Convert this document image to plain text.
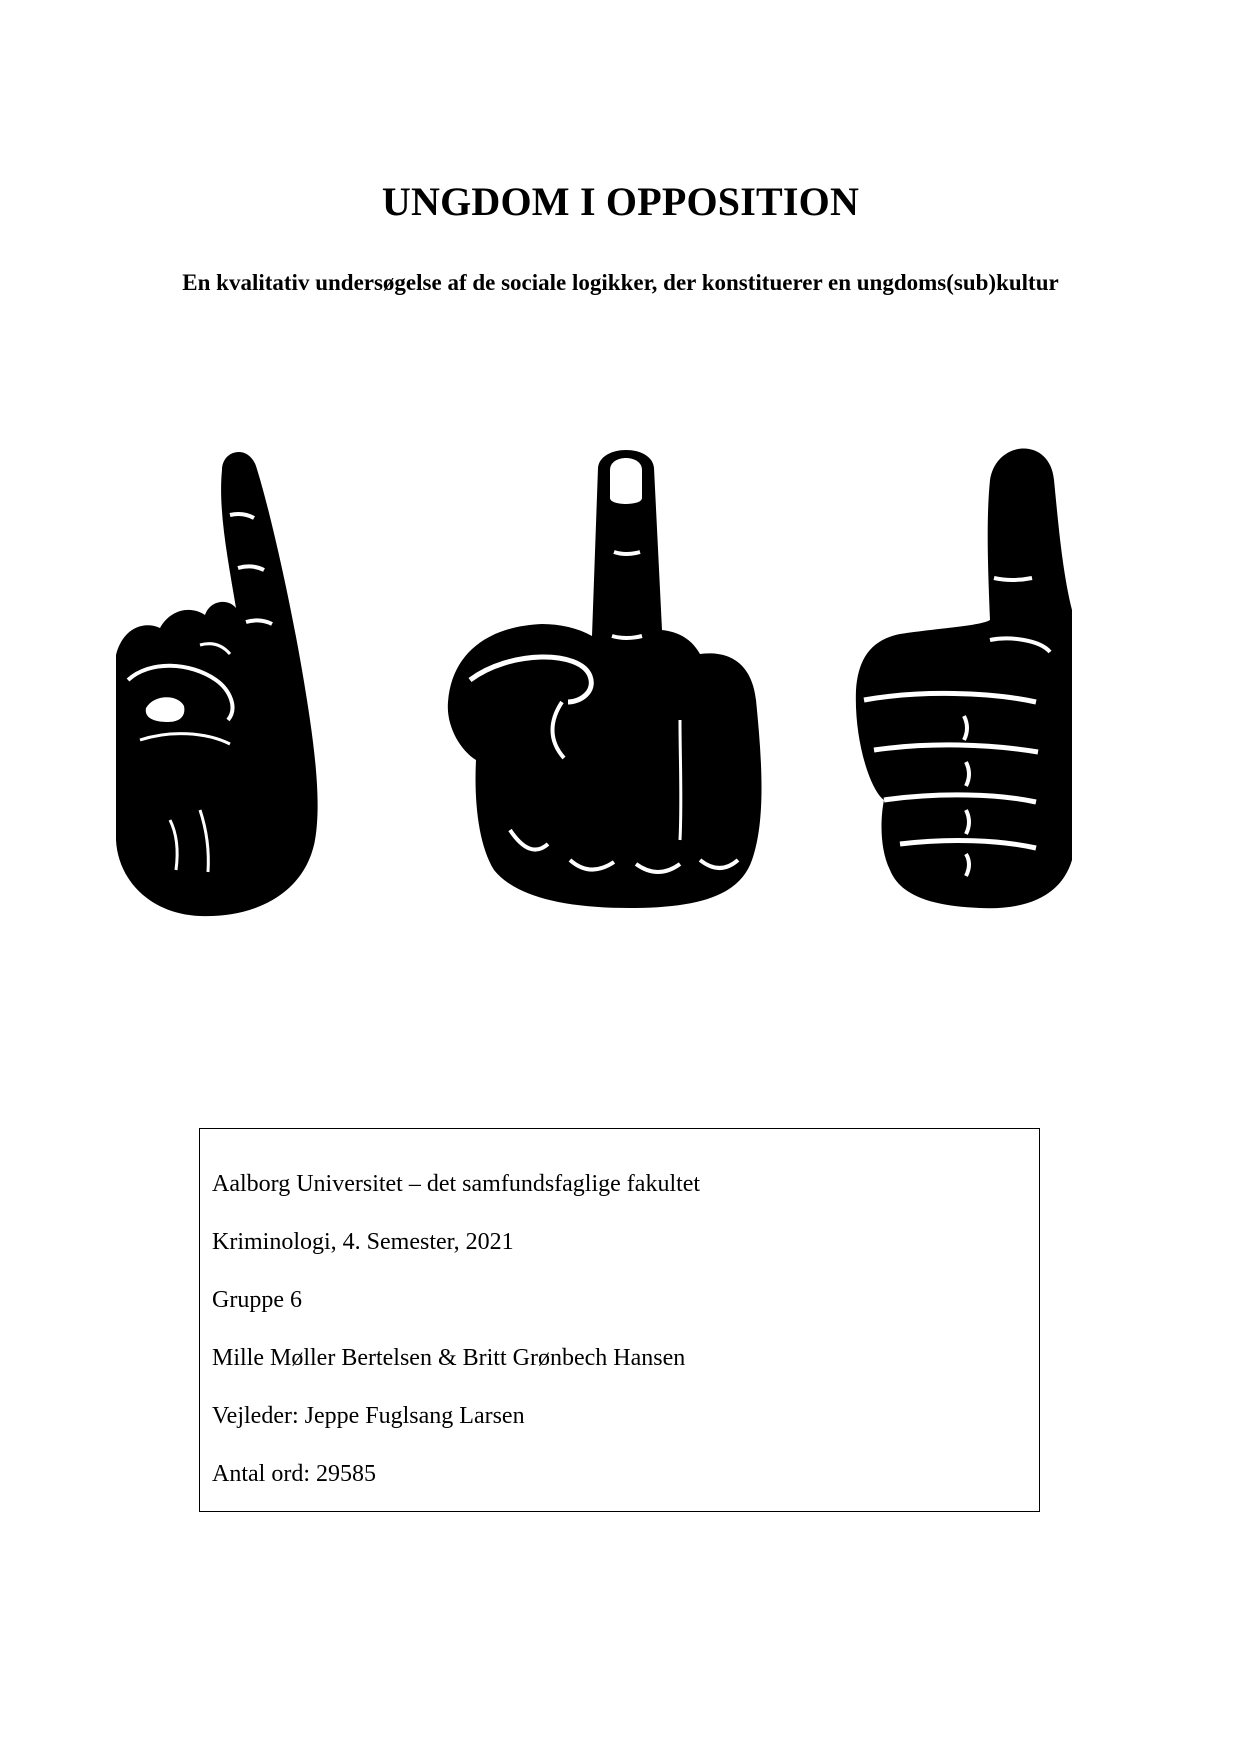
UNGDOM I OPPOSITION

En kvalitativ undersøgelse af de sociale logikker, der konstituerer en ungdoms(sub)kultur

Aalborg Universitet – det samfundsfaglige fakultet
Kriminologi, 4. Semester, 2021
Gruppe 6
Mille Møller Bertelsen & Britt Grønbech Hansen
Vejleder: Jeppe Fuglsang Larsen
Antal ord: 29585
